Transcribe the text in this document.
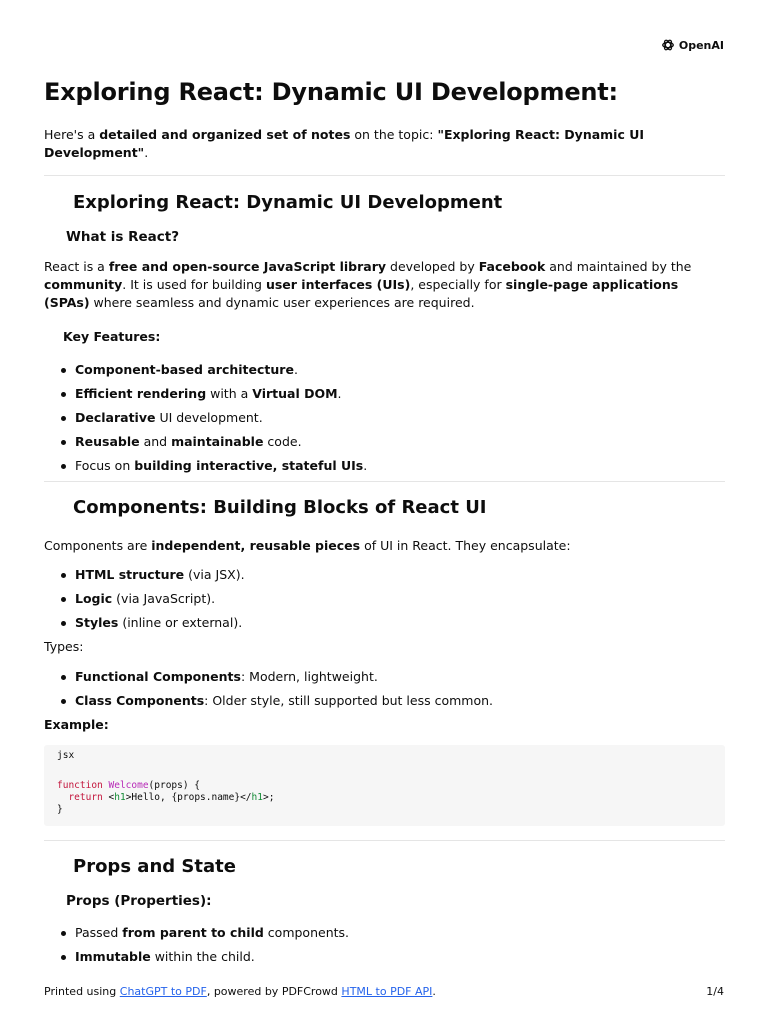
OpenAI
Exploring React: Dynamic UI Development:

Here's a detailed and organized set of notes on the topic: "Exploring React: Dynamic UI Development".

Exploring React: Dynamic UI Development
What is React?

React is a free and open-source JavaScript library developed by Facebook and maintained by the community. It is used for building user interfaces (UIs), especially for single-page applications (SPAs) where seamless and dynamic user experiences are required.

Key Features:
Component-based architecture.
Efficient rendering with a Virtual DOM.
Declarative UI development.
Reusable and maintainable code.
Focus on building interactive, stateful UIs.
Components: Building Blocks of React UI

Components are independent, reusable pieces of UI in React. They encapsulate:

HTML structure (via JSX).
Logic (via JavaScript).
Styles (inline or external).

Types:

Functional Components: Modern, lightweight.
Class Components: Older style, still supported but less common.

Example:

jsx
function Welcome(props) {
return <h1>Hello, {props.name}</h1>;
}
Props and State
Props (Properties):
Passed from parent to child components.
Immutable within the child.
Printed using ChatGPT to PDF, powered by PDFCrowd HTML to PDF API.	1/4
